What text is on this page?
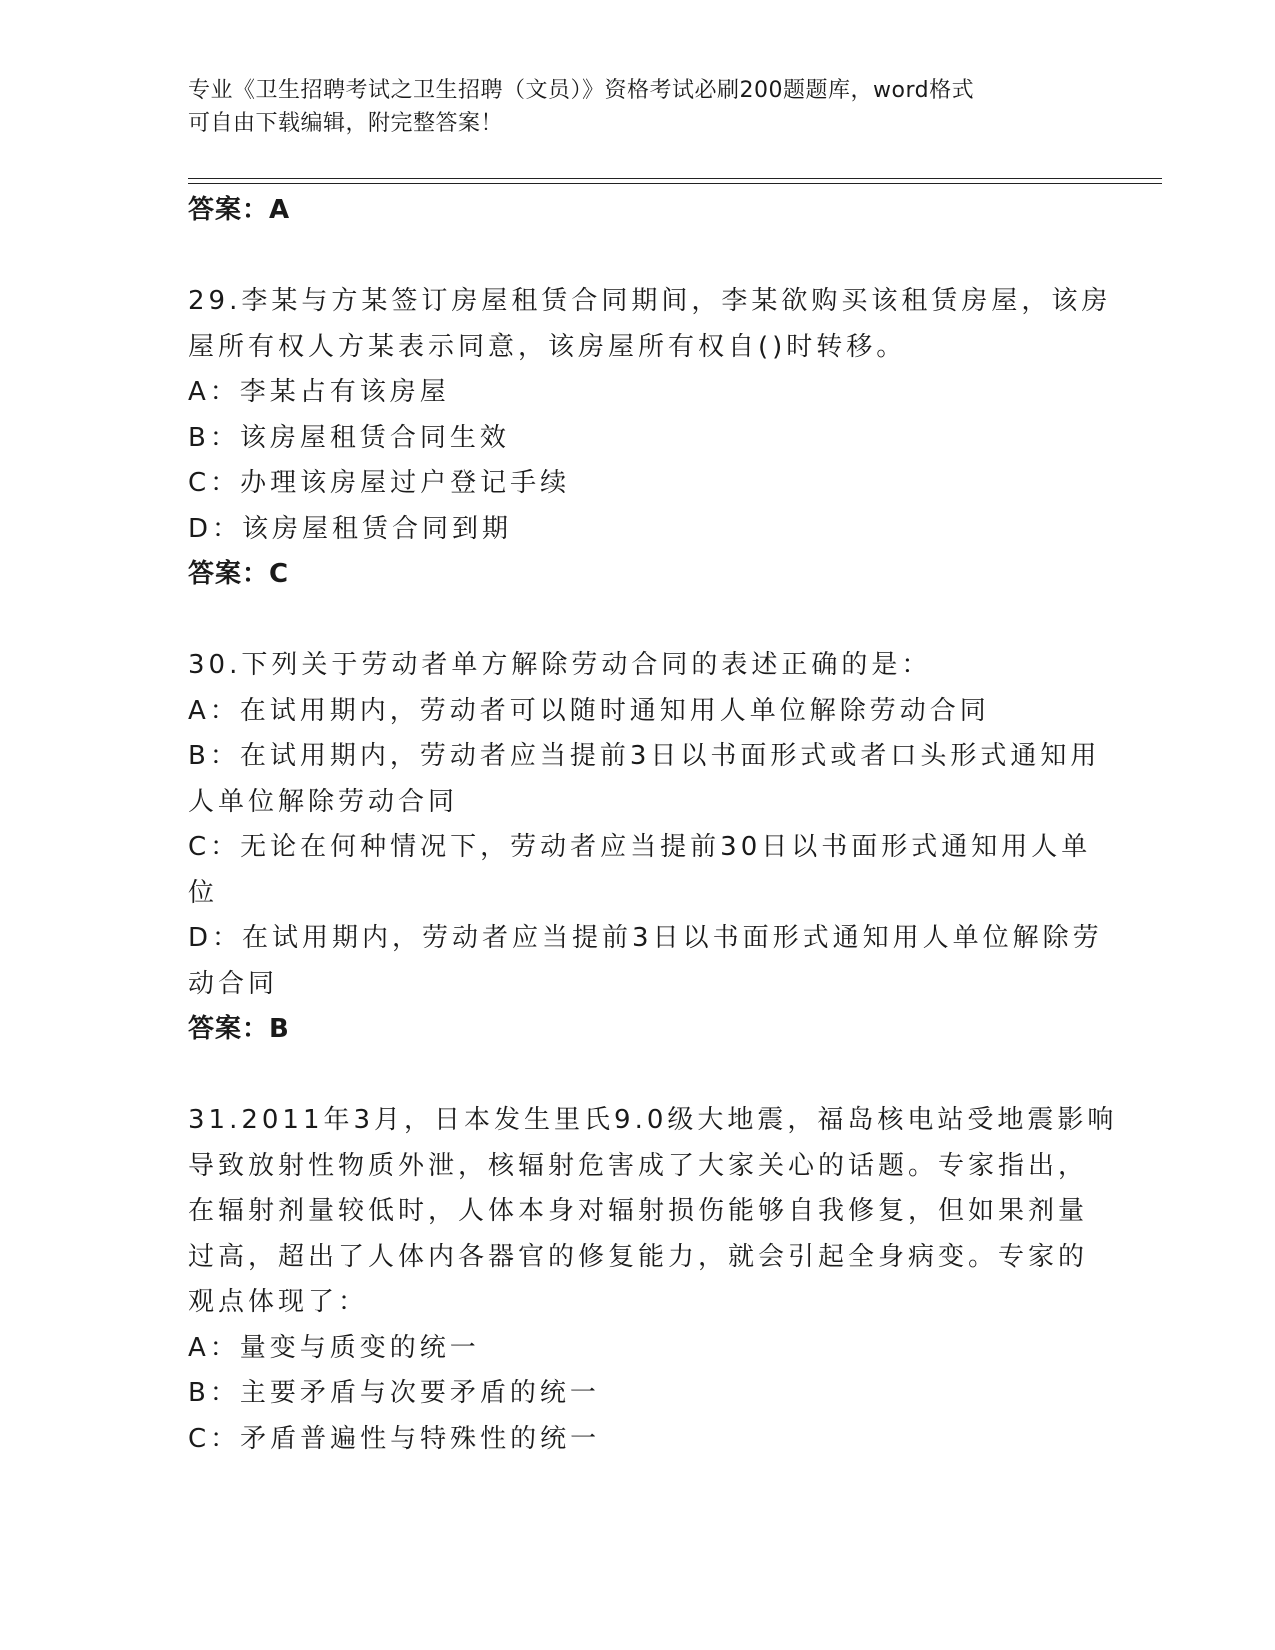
专业《卫生招聘考试之卫生招聘（文员）》资格考试必刷200题题库，word格式
可自由下载编辑，附完整答案！
答案：A
29.李某与方某签订房屋租赁合同期间，李某欲购买该租赁房屋，该房
屋所有权人方某表示同意，该房屋所有权自()时转移。
A：李某占有该房屋
B：该房屋租赁合同生效
C：办理该房屋过户登记手续
D：该房屋租赁合同到期
答案：C
30.下列关于劳动者单方解除劳动合同的表述正确的是：
A：在试用期内，劳动者可以随时通知用人单位解除劳动合同
B：在试用期内，劳动者应当提前3日以书面形式或者口头形式通知用
人单位解除劳动合同
C：无论在何种情况下，劳动者应当提前30日以书面形式通知用人单
位
D：在试用期内，劳动者应当提前3日以书面形式通知用人单位解除劳
动合同
答案：B
31.2011年3月，日本发生里氏9.0级大地震，福岛核电站受地震影响
导致放射性物质外泄，核辐射危害成了大家关心的话题。专家指出，
在辐射剂量较低时，人体本身对辐射损伤能够自我修复，但如果剂量
过高，超出了人体内各器官的修复能力，就会引起全身病变。专家的
观点体现了：
A：量变与质变的统一
B：主要矛盾与次要矛盾的统一
C：矛盾普遍性与特殊性的统一
